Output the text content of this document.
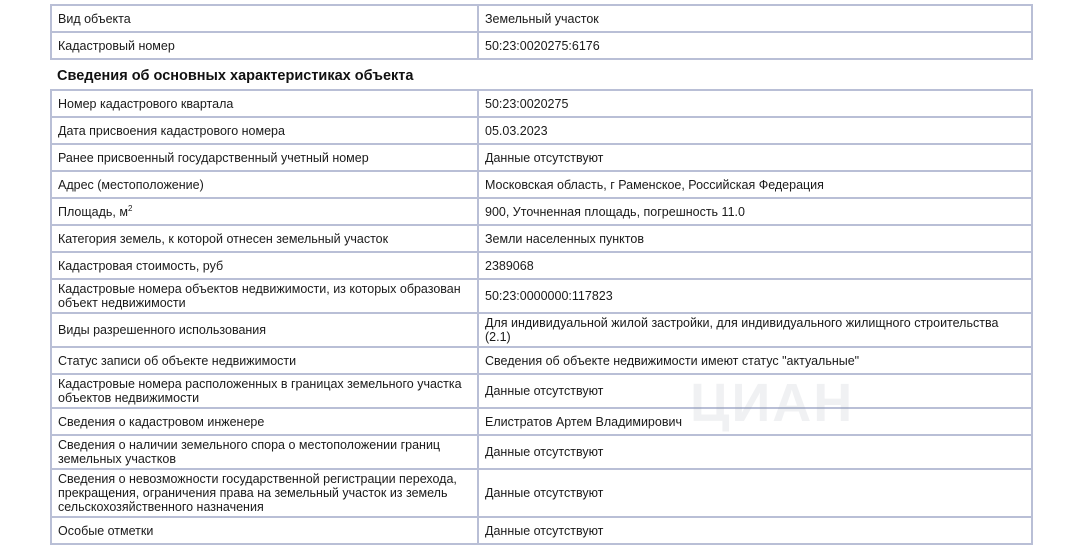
Вид объекта	Земельный участок
Кадастровый номер	50:23:0020275:6176
Сведения об основных характеристиках объекта
Номер кадастрового квартала	50:23:0020275
Дата присвоения кадастрового номера	05.03.2023
Ранее присвоенный государственный учетный номер	Данные отсутствуют
Адрес (местоположение)	Московская область, г Раменское, Российская Федерация
Площадь, $м^2$	900, Уточненная площадь, погрешность 11.0
Категория земель, к которой отнесен земельный участок	Земли населенных пунктов
Кадастровая стоимость, руб	2389068
Кадастровые номера объектов недвижимости, из которых образован объект недвижимости	50:23:0000000:117823
Виды разрешенного использования	Для индивидуальной жилой застройки, для индивидуального жилищного строительства (2.1)
Статус записи об объекте недвижимости	Сведения об объекте недвижимости имеют статус "актуальные"
Кадастровые номера расположенных в границах земельного участка объектов недвижимости	Данные отсутствуют
Сведения о кадастровом инженере	Елистратов Артем Владимирович
Сведения о наличии земельного спора о местоположении границ земельных участков	Данные отсутствуют
Сведения о невозможности государственной регистрации перехода, прекращения, ограничения права на земельный участок из земель сельскохозяйственного назначения	Данные отсутствуют
Особые отметки	Данные отсутствуют
ЦИАН
